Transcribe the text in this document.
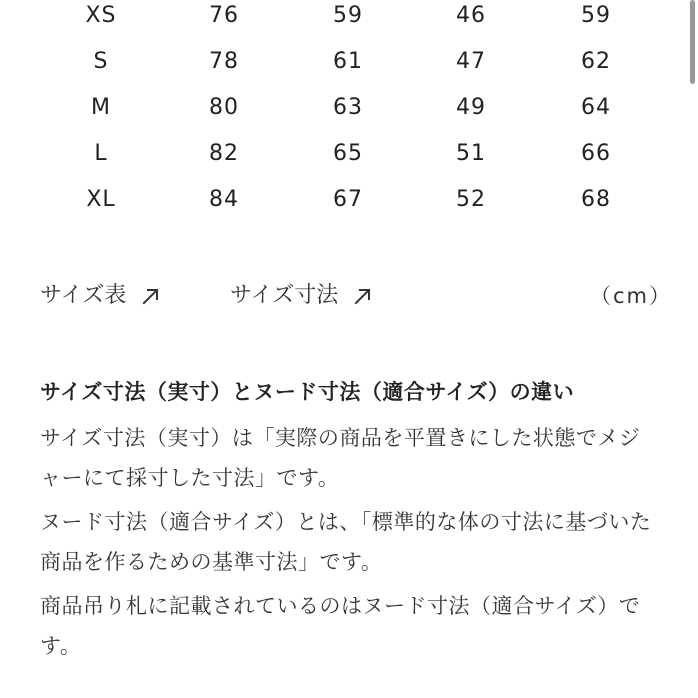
XS	76	59	46	59
S	78	61	47	62
M	80	63	49	64
L	82	65	51	66
XL	84	67	52	68
サイズ表	サイズ寸法	（cm）

サイズ寸法（実寸）とヌード寸法（適合サイズ）の違い

サイズ寸法（実寸）は「実際の商品を平置きにした状態でメジャーにて採寸した寸法」です。

ヌード寸法（適合サイズ）とは、「標準的な体の寸法に基づいた商品を作るための基準寸法」です。

商品吊り札に記載されているのはヌード寸法（適合サイズ）です。
